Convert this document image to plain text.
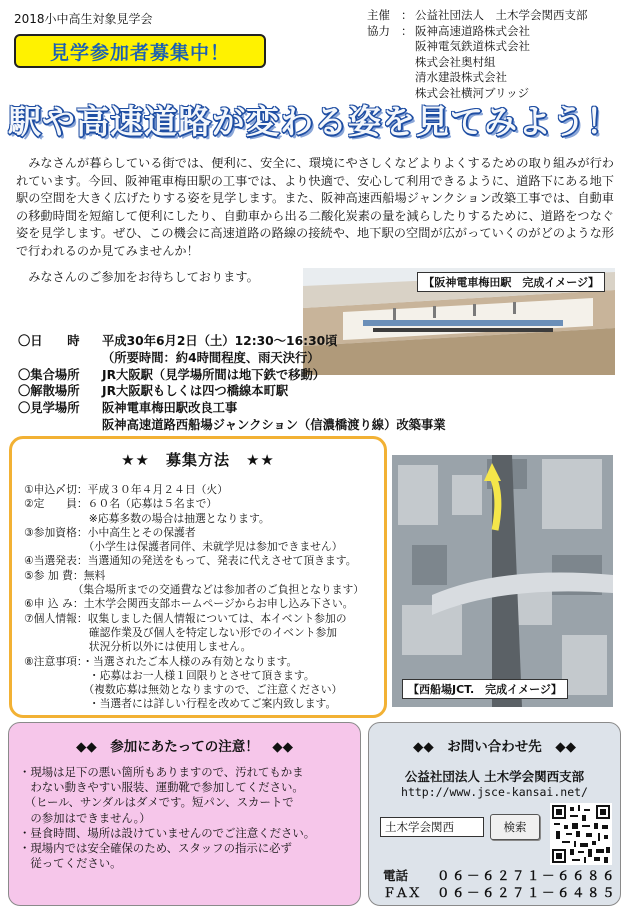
2018小中高生対象見学会
見学参加者募集中！
主催 ： 公益社団法人　土木学会関西支部
協力 ： 阪神高速道路株式会社
阪神電気鉄道株式会社
株式会社奥村組
清水建設株式会社
株式会社横河ブリッジ
駅や高速道路が変わる姿を見てみよう！

みなさんが暮らしている街では、便利に、安全に、環境にやさしくなどよりよくするための取り組みが行われています。今回、阪神電車梅田駅の工事では、より快適で、安心して利用できるように、道路下にある地下駅の空間を大きく広げたりする姿を見学します。また、阪神高速西船場ジャンクション改築工事では、自動車の移動時間を短縮して便利にしたり、自動車から出る二酸化炭素の量を減らしたりするために、道路をつなぐ姿を見学します。ぜひ、この機会に高速道路の路線の接続や、地下駅の空間が広がっていくのがどのような形で行われるのか見てみませんか！

みなさんのご参加をお待ちしております。	【阪神電車梅田駅　完成イメージ】
〇日　　時	平成30年6月2日（土）12:30～16:30頃
（所要時間：約4時間程度、雨天決行）
〇集合場所	JR大阪駅（見学場所間は地下鉄で移動）
〇解散場所	JR大阪駅もしくは四つ橋線本町駅
〇見学場所	阪神電車梅田駅改良工事
阪神高速道路西船場ジャンクション（信濃橋渡り線）改築事業
★★　募集方法　★★
①申込〆切：平成３０年４月２４日（火）
②定　　員：６０名（応募は５名まで）
　　　　　　※応募多数の場合は抽選となります。
③参加資格：小中高生とその保護者
　　　　　　（小学生は保護者同伴、未就学児は参加できません）
④当選発表：当選通知の発送をもって、発表に代えさせて頂きます。
⑤参 加 費：無料
　　　　　（集合場所までの交通費などは参加者のご負担となります）
⑥申 込 み：土木学会関西支部ホームページからお申し込み下さい。
⑦個人情報：収集しました個人情報については、本イベント参加の
　　　　　　確認作業及び個人を特定しない形でのイベント参加
　　　　　　状況分析以外には使用しません。
⑧注意事項：・当選されたご本人様のみ有効となります。
　　　　　　・応募はお一人様１回限りとさせて頂きます。
　　　　　　（複数応募は無効となりますので、ご注意ください）
　　　　　　・当選者には詳しい行程を改めてご案内致します。
【西船場JCT.　完成イメージ】
◆◆　参加にあたっての注意！　◆◆
・現場は足下の悪い箇所もありますので、汚れてもかま
　わない動きやすい服装、運動靴で参加してください。
　（ヒール、サンダルはダメです。短パン、スカートで
　の参加はできません。）
・昼食時間、場所は設けていませんのでご注意ください。
・現場内では安全確保のため、スタッフの指示に必ず
　従ってください。
◆◆　お問い合わせ先　◆◆
公益社団法人 土木学会関西支部
http://www.jsce-kansai.net/
土木学会関西	検索
電話 ０６－６２７１－６６８６
ＦＡＸ ０６－６２７１－６４８５
